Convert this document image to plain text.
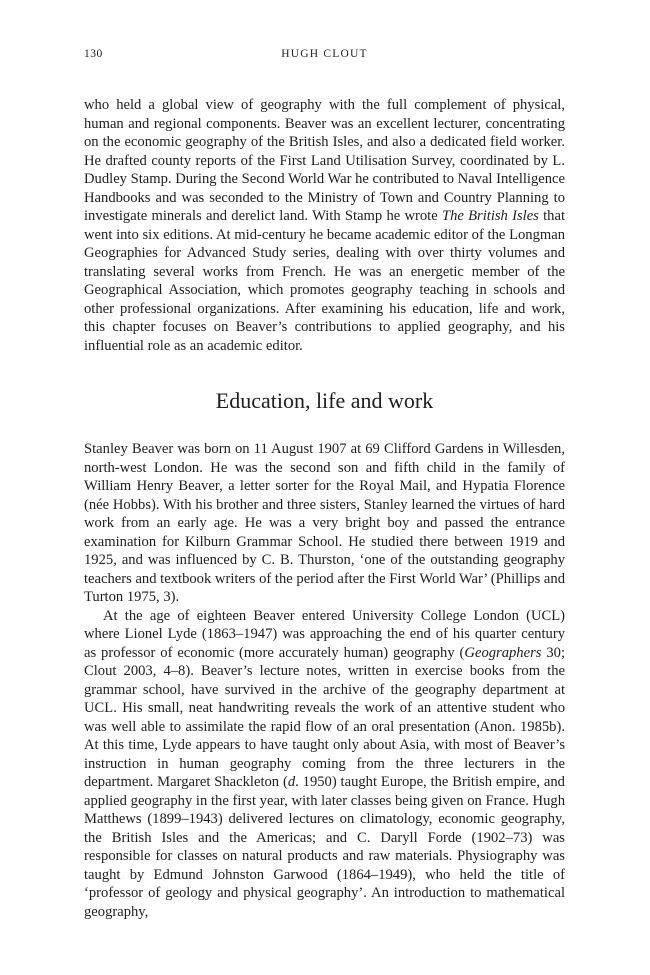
130	HUGH CLOUT

who held a global view of geography with the full complement of physical, human and regional components. Beaver was an excellent lecturer, concentrating on the economic geography of the British Isles, and also a dedicated field worker. He drafted county reports of the First Land Utilisation Survey, coordinated by L. Dudley Stamp. During the Second World War he contributed to Naval Intelligence Handbooks and was seconded to the Ministry of Town and Country Planning to investigate minerals and derelict land. With Stamp he wrote The British Isles that went into six editions. At mid-century he became academic editor of the Longman Geographies for Advanced Study series, dealing with over thirty volumes and translating several works from French. He was an energetic member of the Geographical Association, which promotes geography teaching in schools and other professional organizations. After examining his education, life and work, this chapter focuses on Beaver’s contributions to applied geography, and his influential role as an academic editor.

Education, life and work

Stanley Beaver was born on 11 August 1907 at 69 Clifford Gardens in Willesden, north-west London. He was the second son and fifth child in the family of William Henry Beaver, a letter sorter for the Royal Mail, and Hypatia Florence (née Hobbs). With his brother and three sisters, Stanley learned the virtues of hard work from an early age. He was a very bright boy and passed the entrance examination for Kilburn Grammar School. He studied there between 1919 and 1925, and was influenced by C. B. Thurston, ‘one of the outstanding geography teachers and textbook writers of the period after the First World War’ (Phillips and Turton 1975, 3).

At the age of eighteen Beaver entered University College London (UCL) where Lionel Lyde (1863–1947) was approaching the end of his quarter century as professor of economic (more accurately human) geography (Geographers 30; Clout 2003, 4–8). Beaver’s lecture notes, written in exercise books from the grammar school, have survived in the archive of the geography department at UCL. His small, neat handwriting reveals the work of an attentive student who was well able to assimilate the rapid flow of an oral presentation (Anon. 1985b). At this time, Lyde appears to have taught only about Asia, with most of Beaver’s instruction in human geography coming from the three lecturers in the department. Margaret Shackleton (d. 1950) taught Europe, the British empire, and applied geography in the first year, with later classes being given on France. Hugh Matthews (1899–1943) delivered lectures on climatology, economic geography, the British Isles and the Americas; and C. Daryll Forde (1902–73) was responsible for classes on natural products and raw materials. Physiography was taught by Edmund Johnston Garwood (1864–1949), who held the title of ‘professor of geology and physical geography’. An introduction to mathematical geography,
